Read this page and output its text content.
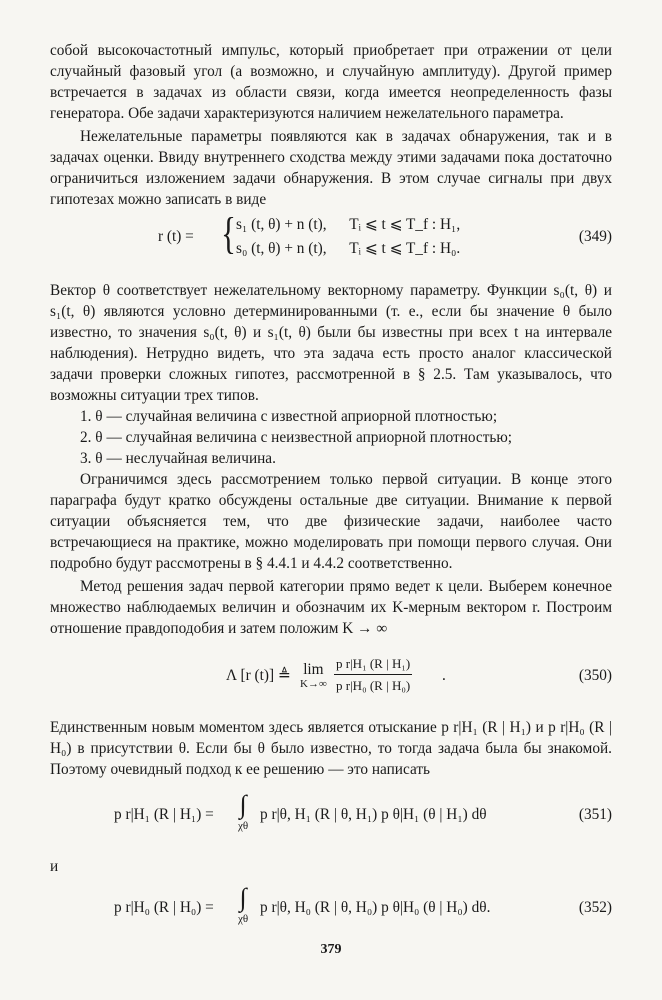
собой высокочастотный импульс, который приобретает при отражении от цели случайный фазовый угол (а возможно, и случайную амплитуду). Другой пример встречается в задачах из области связи, когда имеется неопределенность фазы генератора. Обе задачи характеризуются наличием нежелательного параметра.

Нежелательные параметры появляются как в задачах обнаружения, так и в задачах оценки. Ввиду внутреннего сходства между этими задачами пока достаточно ограничиться изложением задачи обнаружения. В этом случае сигналы при двух гипотезах можно записать в виде

r (t) = { s₁ (t, θ) + n (t),      Tᵢ ⩽ t ⩽ T_f : H₁,
s₀ (t, θ) + n (t),      Tᵢ ⩽ t ⩽ T_f : H₀.
(349)

Вектор θ соответствует нежелательному векторному параметру. Функции s₀(t, θ) и s₁(t, θ) являются условно детерминированными (т. е., если бы значение θ было известно, то значения s₀(t, θ) и s₁(t, θ) были бы известны при всех t на интервале наблюдения). Нетрудно видеть, что эта задача есть просто аналог классической задачи проверки сложных гипотез, рассмотренной в § 2.5. Там указывалось, что возможны ситуации трех типов.

1. θ — случайная величина с известной априорной плотностью;
2. θ — случайная величина с неизвестной априорной плотностью;
3. θ — неслучайная величина.

Ограничимся здесь рассмотрением только первой ситуации. В конце этого параграфа будут кратко обсуждены остальные две ситуации. Внимание к первой ситуации объясняется тем, что две физические задачи, наиболее часто встречающиеся на практике, можно моделировать при помощи первого случая. Они подробно будут рассмотрены в § 4.4.1 и 4.4.2 соответственно.

Метод решения задач первой категории прямо ведет к цели. Выберем конечное множество наблюдаемых величин и обозначим их K-мерным вектором r. Построим отношение правдоподобия и затем положим K → ∞

Λ [r (t)] ≜ lim
$K\to\infty \frac{\text{p r|H₁ (R | H₁)}}{\text{p r|H₀ (R | H₀)}}$ .	(350)

Единственным новым моментом здесь является отыскание p r|H₁ (R | H₁) и p r|H₀ (R | H₀) в присутствии θ. Если бы θ было известно, то тогда задача была бы знакомой. Поэтому очевидный подход к ее решению — это написать

p r|H₁ (R | H₁) = ∫
χθ
p r|θ, H₁ (R | θ, H₁) p θ|H₁ (θ | H₁) dθ	(351)

и

p r|H₀ (R | H₀) = ∫
χθ
p r|θ, H₀ (R | θ, H₀) p θ|H₀ (θ | H₀) dθ.	(352)
379
